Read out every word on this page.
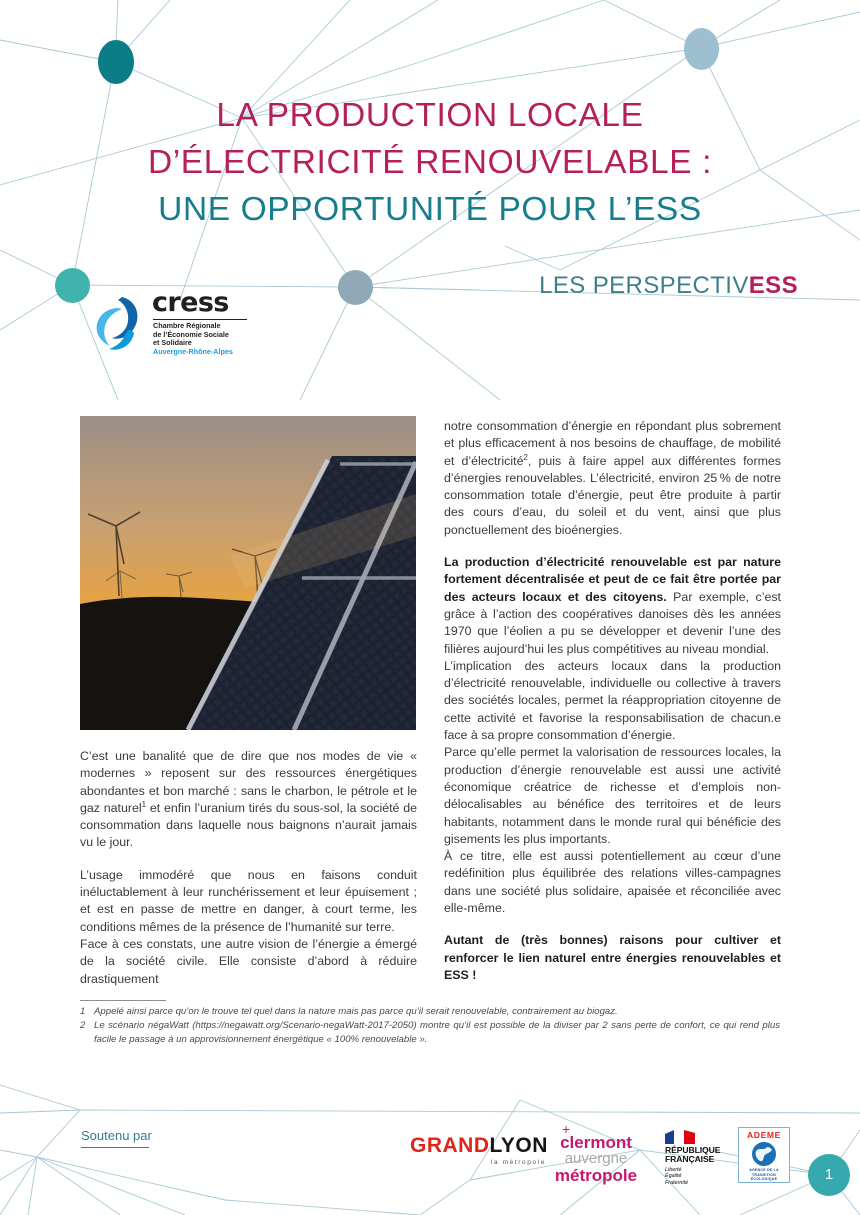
LA PRODUCTION LOCALE
D’ÉLECTRICITÉ RENOUVELABLE :
UNE OPPORTUNITÉ POUR L’ESS
LES PERSPECTIVESS
cress
Chambre Régionale
de l’Économie Sociale
et Solidaire
Auvergne-Rhône-Alpes

C’est une banalité que de dire que nos modes de vie « modernes » reposent sur des ressources énergétiques abondantes et bon marché : sans le charbon, le pétrole et le gaz naturel$^1$ et enfin l’uranium tirés du sous-sol, la société de consommation dans laquelle nous baignons n’aurait jamais vu le jour.

L’usage immodéré que nous en faisons conduit inéluctablement à leur runchérissement et leur épuisement ; et est en passe de mettre en danger, à court terme, les conditions mêmes de la présence de l’humanité sur terre.

Face à ces constats, une autre vision de l’énergie a émergé de la société civile. Elle consiste d’abord à réduire drastiquement

notre consommation d’énergie en répondant plus sobrement et plus efficacement à nos besoins de chauffage, de mobilité et d’électricité$^2$, puis à faire appel aux différentes formes d’énergies renouvelables. L’électricité, environ 25 % de notre consommation totale d’énergie, peut être produite à partir des cours d’eau, du soleil et du vent, ainsi que plus ponctuellement des bioénergies.

La production d’électricité renouvelable est par nature fortement décentralisée et peut de ce fait être portée par des acteurs locaux et des citoyens. Par exemple, c’est grâce à l’action des coopératives danoises dès les années 1970 que l’éolien a pu se développer et devenir l’une des filières aujourd’hui les plus compétitives au niveau mondial.

L’implication des acteurs locaux dans la production d’électricité renouvelable, individuelle ou collective à travers des sociétés locales, permet la réappropriation citoyenne de cette activité et favorise la responsabilisation de chacun.e face à sa propre consommation d’énergie.

Parce qu’elle permet la valorisation de ressources locales, la production d’énergie renouvelable est aussi une activité économique créatrice de richesse et d’emplois non-délocalisables au bénéfice des territoires et de leurs habitants, notamment dans le monde rural qui bénéficie des gisements les plus importants.

À ce titre, elle est aussi potentiellement au cœur d’une redéfinition plus équilibrée des relations villes-campagnes dans une société plus solidaire, apaisée et réconciliée avec elle-même.

Autant de (très bonnes) raisons pour cultiver et renforcer le lien naturel entre énergies renouvelables et ESS !

1 Appelé ainsi parce qu’on le trouve tel quel dans la nature mais pas parce qu’il serait renouvelable, contrairement au biogaz.
2 Le scénario négaWatt (https://negawatt.org/Scenario-negaWatt-2017-2050) montre qu’il est possible de la diviser par 2 sans perte de confort, ce qui rend plus facile le passage à un approvisionnement énergétique « 100% renouvelable ».
Soutenu par	GRANDLYON
la métropole
+
clermont
auvergne
métropole
RÉPUBLIQUE
FRANÇAISE
Liberté
Égalité
Fraternité
ADEME
AGENCE DE LA
TRANSITION
ÉCOLOGIQUE	1
